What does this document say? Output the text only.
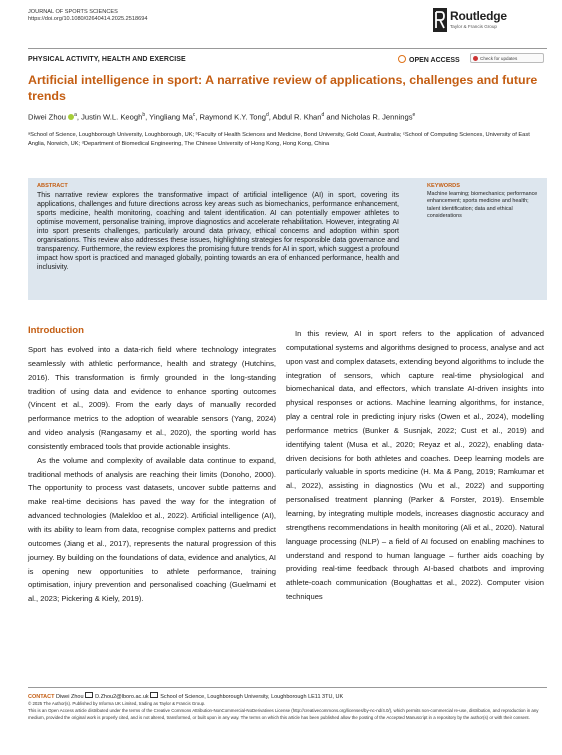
JOURNAL OF SPORTS SCIENCES
https://doi.org/10.1080/02640414.2025.2518694	Routledge
Taylor & Francis Group
PHYSICAL ACTIVITY, HEALTH AND EXERCISE	OPEN ACCESS	Check for updates
Artificial intelligence in sport: A narrative review of applications, challenges and future trends
Diwei Zhou $^a$, Justin W.L. Keogh$^b$, Yingliang Ma$^c$, Raymond K.Y. Tong$^d$, Abdul R. Khan$^d$ and Nicholas R. Jennings$^e$
ᵃSchool of Science, Loughborough University, Loughborough, UK; ᵇFaculty of Health Sciences and Medicine, Bond University, Gold Coast, Australia; ᶜSchool of Computing Sciences, University of East Anglia, Norwich, UK; ᵈDepartment of Biomedical Engineering, The Chinese University of Hong Kong, Hong Kong, China
ABSTRACT
This narrative review explores the transformative impact of artificial intelligence (AI) in sport, covering its applications, challenges and future directions across key areas such as biomechanics, performance enhancement, sports medicine, health monitoring, coaching and talent identification. AI can potentially empower athletes to optimise movement, personalise training, improve diagnostics and accelerate rehabilitation. However, integrating AI into sport presents challenges, particularly around data privacy, ethical concerns and adoption within sport organisations. This review also addresses these issues, highlighting strategies for responsible data governance and transparency. Furthermore, the review explores the promising future trends for AI in sport, which suggest a profound impact how sport is practiced and managed globally, pointing towards an era of enhanced performance, health and inclusivity.
KEYWORDS
Machine learning; biomechanics; performance enhancement; sports medicine and health; talent identification; data and ethical considerations
Introduction

Sport has evolved into a data-rich field where technology integrates seamlessly with athletic performance, health and strategy (Hutchins, 2016). This transformation is firmly grounded in the long-standing tradition of using data and evidence to enhance sporting outcomes (Vincent et al., 2009). From the early days of manually recorded performance metrics to the adoption of wearable sensors (Yang, 2024) and video analysis (Rangasamy et al., 2020), the sporting world has consistently embraced tools that provide actionable insights.

As the volume and complexity of available data continue to expand, traditional methods of analysis are reaching their limits (Donoho, 2000). The opportunity to process vast datasets, uncover subtle patterns and make real-time decisions has paved the way for the integration of advanced technologies (Malekloo et al., 2022). Artificial intelligence (AI), with its ability to learn from data, recognise complex patterns and predict outcomes (Jiang et al., 2017), represents the natural progression of this journey. By building on the foundations of data, evidence and analytics, AI is opening new opportunities to athlete performance, training optimisation, injury prevention and personalised coaching (Guelmami et al., 2023; Pickering & Kiely, 2019).

In this review, AI in sport refers to the application of advanced computational systems and algorithms designed to process, analyse and act upon vast and complex datasets, extending beyond algorithms to include the integration of sensors, which capture real-time physiological and biomechanical data, and effectors, which translate AI-driven insights into physical responses or actions. Machine learning algorithms, for instance, play a central role in predicting injury risks (Owen et al., 2024), modelling performance metrics (Bunker & Susnjak, 2022; Cust et al., 2019) and identifying talent (Musa et al., 2020; Reyaz et al., 2022), enabling data-driven decisions for both athletes and coaches. Deep learning models are particularly valuable in sports medicine (H. Ma & Pang, 2019; Ramkumar et al., 2022), assisting in diagnostics (Wu et al., 2022) and supporting personalised treatment planning (Parker & Forster, 2019). Ensemble learning, by integrating multiple models, increases diagnostic accuracy and strengthens recommendations in health monitoring (Ali et al., 2020). Natural language processing (NLP) – a field of AI focused on enabling machines to understand and respond to human language – further aids coaching by providing real-time feedback through AI-based chatbots and improving athlete-coach communication (Boughattas et al., 2022). Computer vision techniques

CONTACT Diwei Zhou D.Zhou2@lboro.ac.uk School of Science, Loughborough University, Loughborough LE11 3TU, UK
© 2025 The Author(s). Published by Informa UK Limited, trading as Taylor & Francis Group.
This is an Open Access article distributed under the terms of the Creative Commons Attribution-NonCommercial-NoDerivatives License (http://creativecommons.org/licenses/by-nc-nd/4.0/), which permits non-commercial re-use, distribution, and reproduction in any medium, provided the original work is properly cited, and is not altered, transformed, or built upon in any way. The terms on which this article has been published allow the posting of the Accepted Manuscript in a repository by the author(s) or with their consent.
